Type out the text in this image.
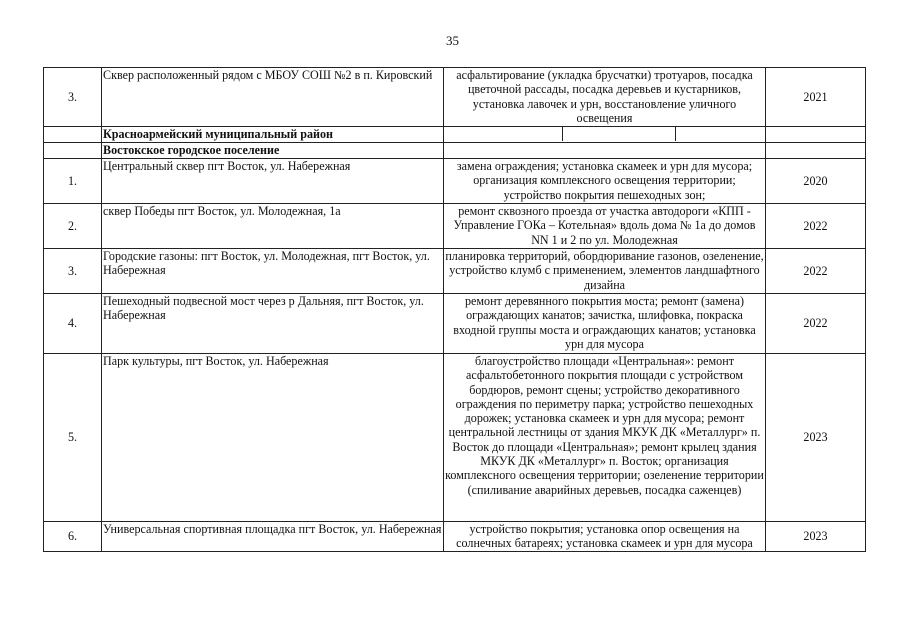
35
3.	Сквер расположенный рядом с МБОУ СОШ №2 в п. Кировский	асфальтирование (укладка брусчатки) тротуаров, посадка цветочной рассады, посадка деревьев и кустарников, установка лавочек и урн, восстановление уличного освещения	2021
	Красноармейский муниципальный район	

	Востокское городское поселение		
1.	Центральный сквер пгт Восток, ул. Набережная	замена ограждения; установка скамеек и урн для мусора; организация комплексного освещения территории; устройство покрытия пешеходных зон;	2020
2.	сквер Победы пгт Восток, ул. Молодежная, 1а	ремонт сквозного проезда от участка автодороги «КПП - Управление ГОКа – Котельная» вдоль дома № 1а до домов NN 1 и 2 по ул. Молодежная	2022
3.	Городские газоны: пгт Восток, ул. Молодежная, пгт Восток, ул. Набережная	планировка территорий, обордюривание газонов, озеленение, устройство клумб с применением, элементов ландшафтного дизайна	2022
4.	Пешеходный подвесной мост через р Дальняя, пгт Восток, ул. Набережная	ремонт деревянного покрытия моста; ремонт (замена) ограждающих канатов; зачистка, шлифовка, покраска входной группы моста и ограждающих канатов; установка урн для мусора	2022
5.	Парк культуры, пгт Восток, ул. Набережная	благоустройство площади «Центральная»: ремонт асфальтобетонного покрытия площади с устройством бордюров, ремонт сцены; устройство декоративного ограждения по периметру парка; устройство пешеходных дорожек; установка скамеек и урн для мусора; ремонт центральной лестницы от здания МКУК ДК «Металлург» п. Восток до площади «Центральная»; ремонт крылец здания МКУК ДК «Металлург» п. Восток; организация комплексного освещения территории; озеленение территории (спиливание аварийных деревьев, посадка саженцев)	2023
6.	Универсальная спортивная площадка пгт Восток, ул. Набережная	устройство покрытия; установка опор освещения на солнечных батареях; установка скамеек и урн для мусора	2023
